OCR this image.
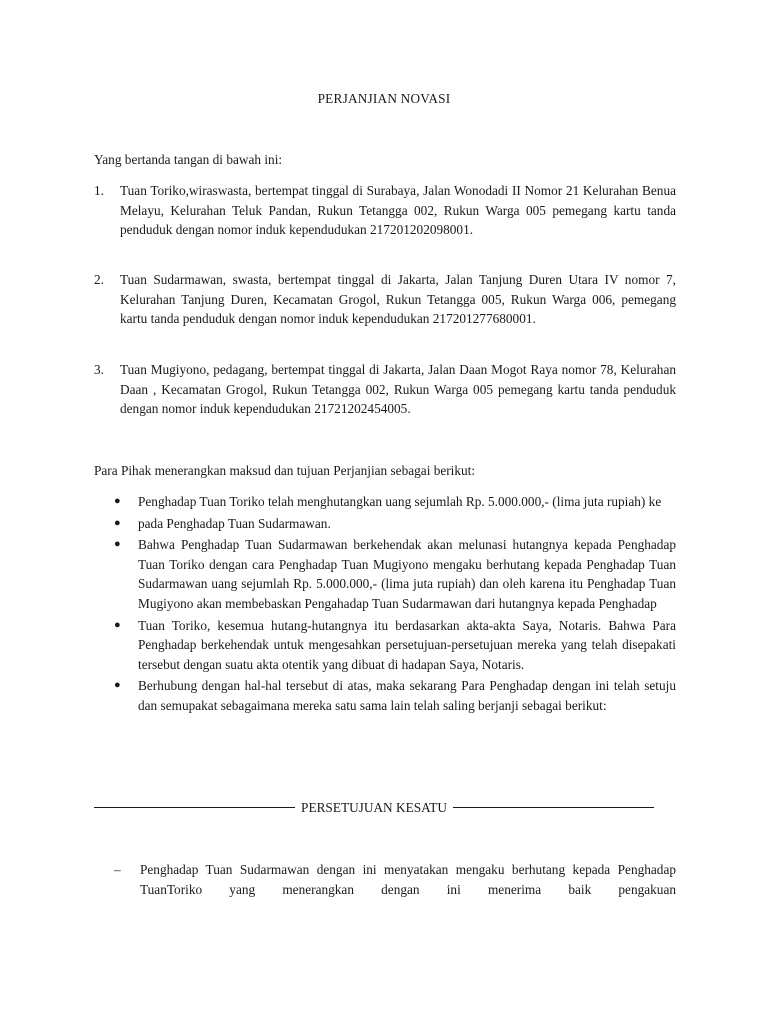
PERJANJIAN NOVASI
Yang bertanda tangan di bawah ini:
1. Tuan Toriko,wiraswasta, bertempat tinggal di Surabaya, Jalan Wonodadi II Nomor 21 Kelurahan Benua Melayu, Kelurahan Teluk Pandan, Rukun Tetangga 002, Rukun Warga 005 pemegang kartu tanda penduduk dengan nomor induk kependudukan 217201202098001.
2. Tuan Sudarmawan, swasta, bertempat tinggal di Jakarta, Jalan Tanjung Duren Utara IV nomor 7, Kelurahan Tanjung Duren, Kecamatan Grogol, Rukun Tetangga 005, Rukun Warga 006, pemegang kartu tanda penduduk dengan nomor induk kependudukan 217201277680001.
3. Tuan Mugiyono, pedagang, bertempat tinggal di Jakarta, Jalan Daan Mogot Raya nomor 78, Kelurahan Daan , Kecamatan Grogol, Rukun Tetangga 002, Rukun Warga 005 pemegang kartu tanda penduduk dengan nomor induk kependudukan 21721202454005.
Para Pihak menerangkan maksud dan tujuan Perjanjian sebagai berikut:
● Penghadap Tuan Toriko telah menghutangkan uang sejumlah Rp. 5.000.000,- (lima juta rupiah) ke
● pada Penghadap Tuan Sudarmawan.
● Bahwa Penghadap Tuan Sudarmawan berkehendak akan melunasi hutangnya kepada Penghadap Tuan Toriko dengan cara Penghadap Tuan Mugiyono mengaku berhutang kepada Penghadap Tuan Sudarmawan uang sejumlah Rp. 5.000.000,- (lima juta rupiah) dan oleh karena itu Penghadap Tuan Mugiyono akan membebaskan Pengahadap Tuan Sudarmawan dari hutangnya kepada Penghadap
● Tuan Toriko, kesemua hutang-hutangnya itu berdasarkan akta-akta Saya, Notaris. Bahwa Para Penghadap berkehendak untuk mengesahkan persetujuan-persetujuan mereka yang telah disepakati tersebut dengan suatu akta otentik yang dibuat di hadapan Saya, Notaris.
● Berhubung dengan hal-hal tersebut di atas, maka sekarang Para Penghadap dengan ini telah setuju dan semupakat sebagaimana mereka satu sama lain telah saling berjanji sebagai berikut:
PERSETUJUAN KESATU
– Penghadap Tuan Sudarmawan dengan ini menyatakan mengaku berhutang kepada Penghadap TuanToriko yang menerangkan dengan ini menerima baik pengakuan
